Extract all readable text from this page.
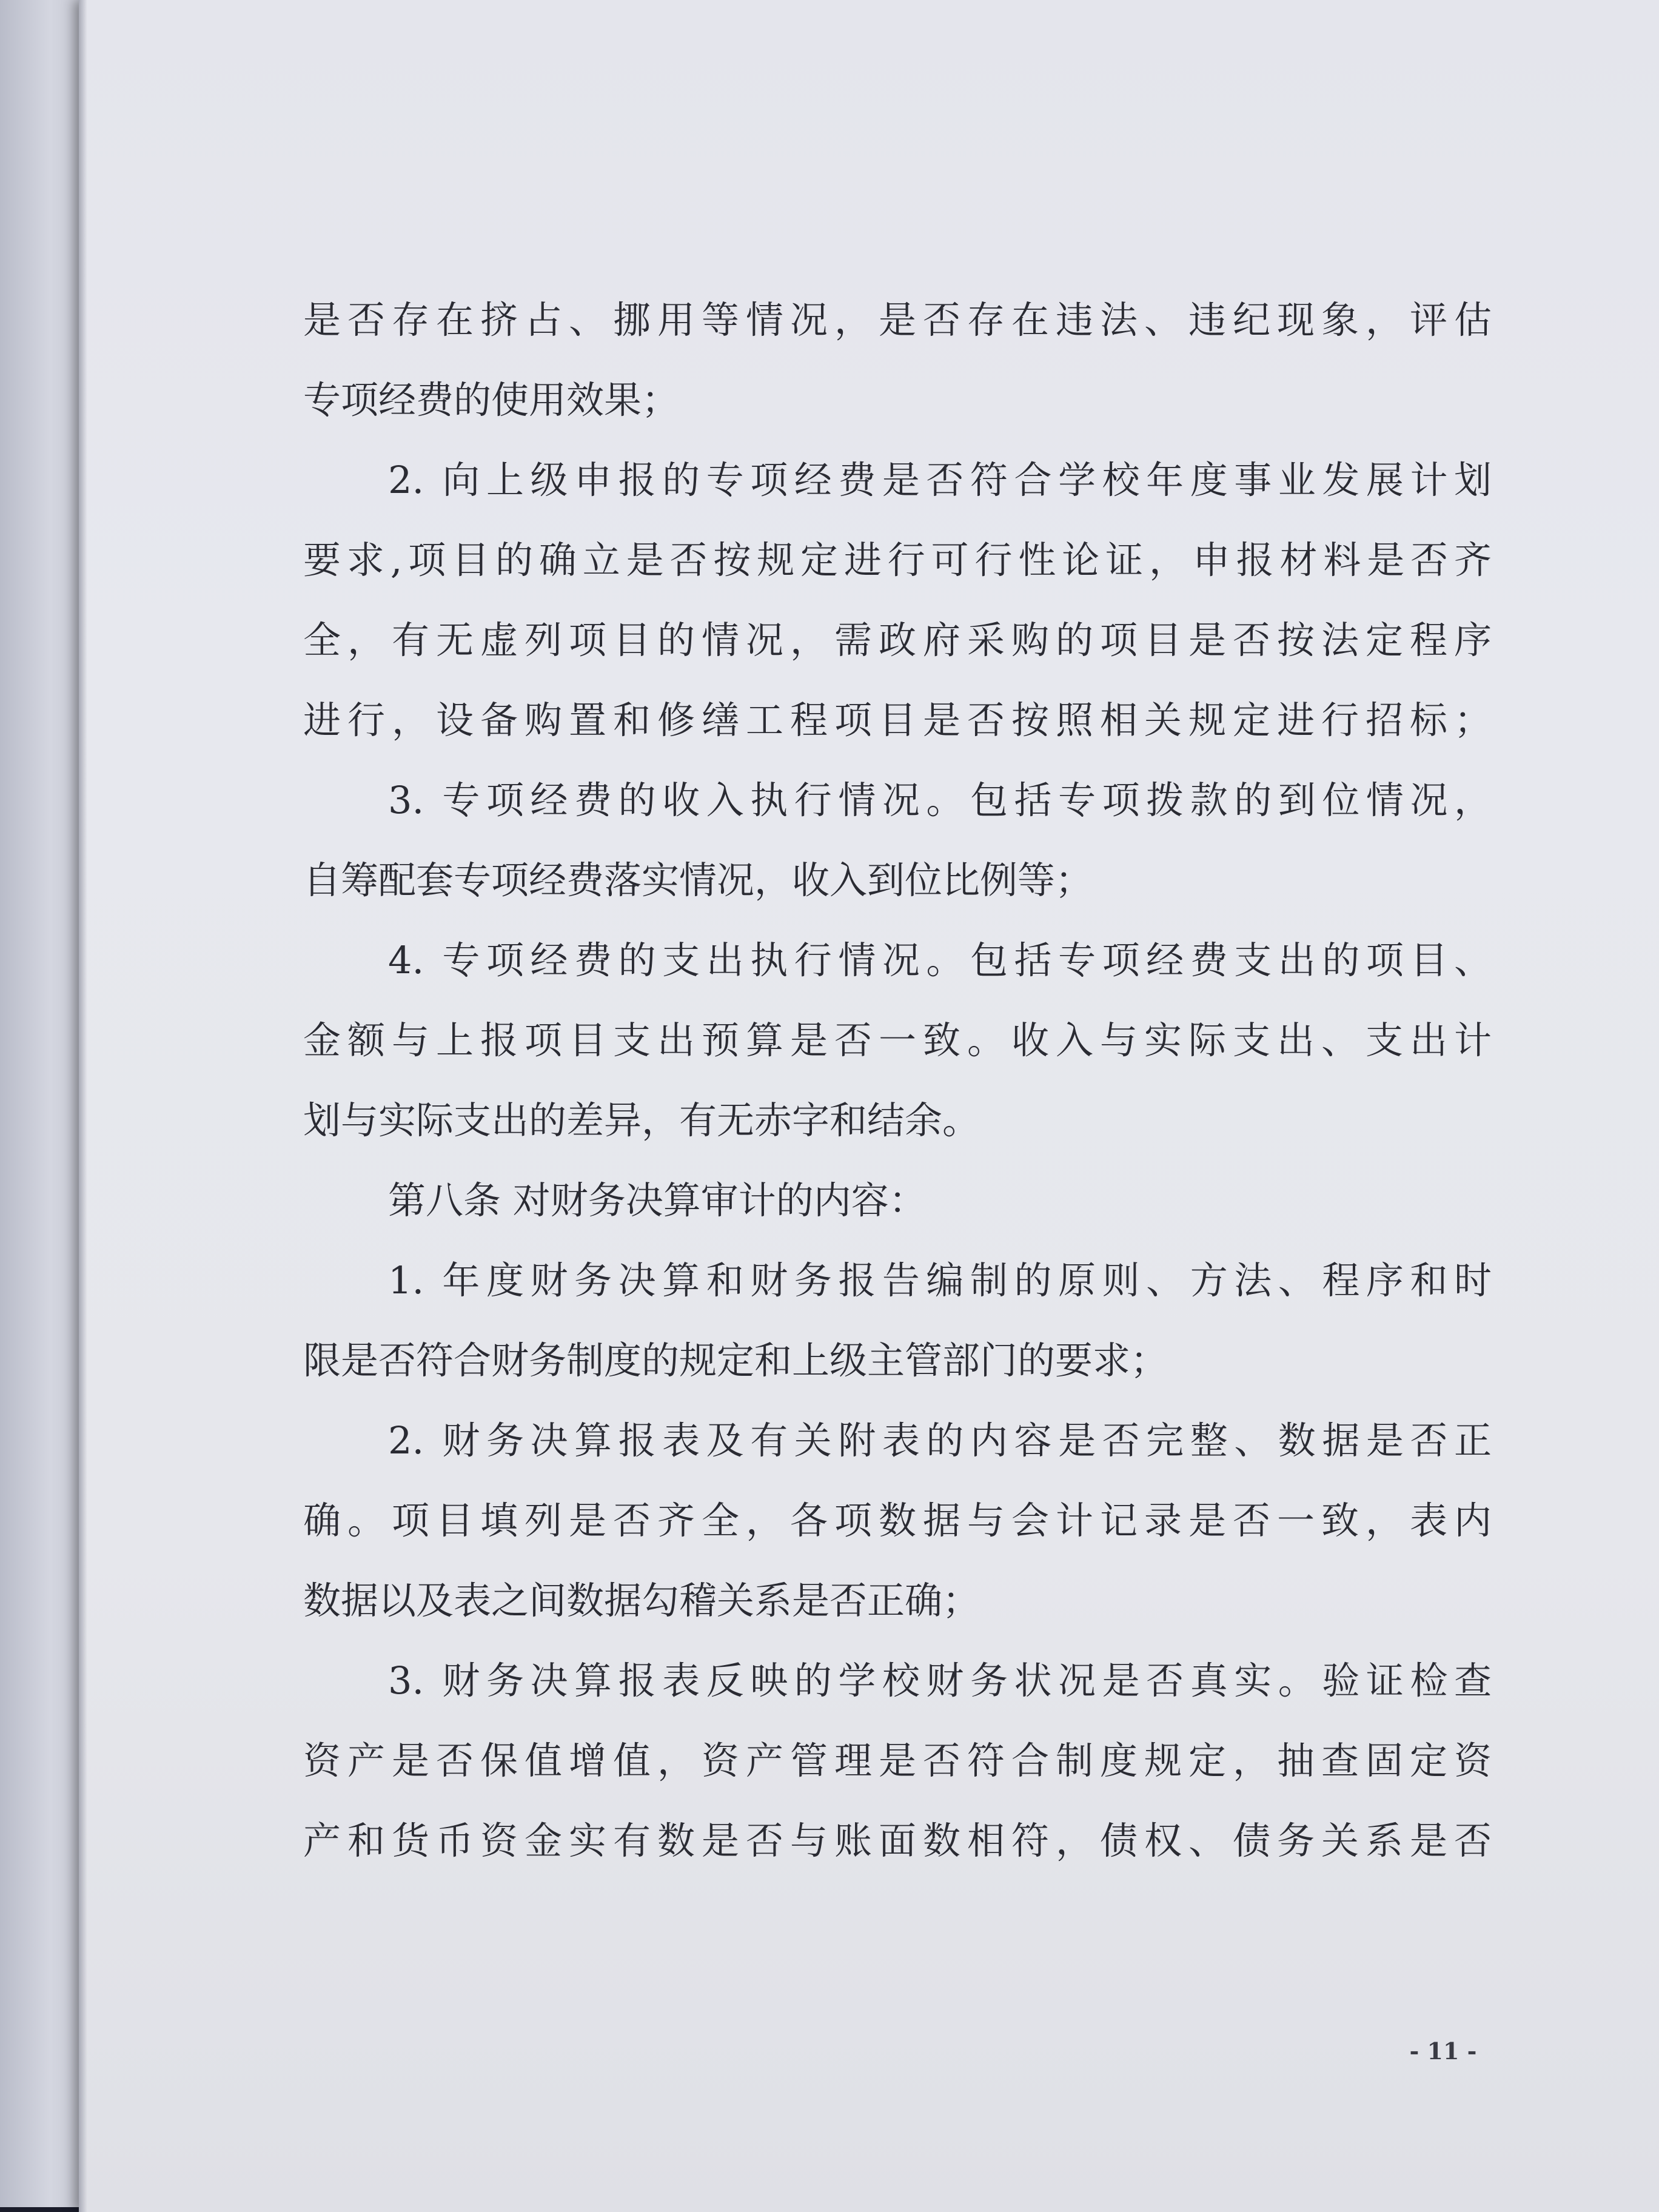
是否存在挤占、挪用等情况，是否存在违法、违纪现象，评估
专项经费的使用效果；
2. 向上级申报的专项经费是否符合学校年度事业发展计划
要求,项目的确立是否按规定进行可行性论证，申报材料是否齐
全，有无虚列项目的情况，需政府采购的项目是否按法定程序
进行，设备购置和修缮工程项目是否按照相关规定进行招标；
3. 专项经费的收入执行情况。包括专项拨款的到位情况，
自筹配套专项经费落实情况，收入到位比例等；
4. 专项经费的支出执行情况。包括专项经费支出的项目、
金额与上报项目支出预算是否一致。收入与实际支出、支出计
划与实际支出的差异，有无赤字和结余。
第八条 对财务决算审计的内容：
1. 年度财务决算和财务报告编制的原则、方法、程序和时
限是否符合财务制度的规定和上级主管部门的要求；
2. 财务决算报表及有关附表的内容是否完整、数据是否正
确。项目填列是否齐全，各项数据与会计记录是否一致，表内
数据以及表之间数据勾稽关系是否正确；
3. 财务决算报表反映的学校财务状况是否真实。验证检查
资产是否保值增值，资产管理是否符合制度规定，抽查固定资
产和货币资金实有数是否与账面数相符，债权、债务关系是否
- 11 -
